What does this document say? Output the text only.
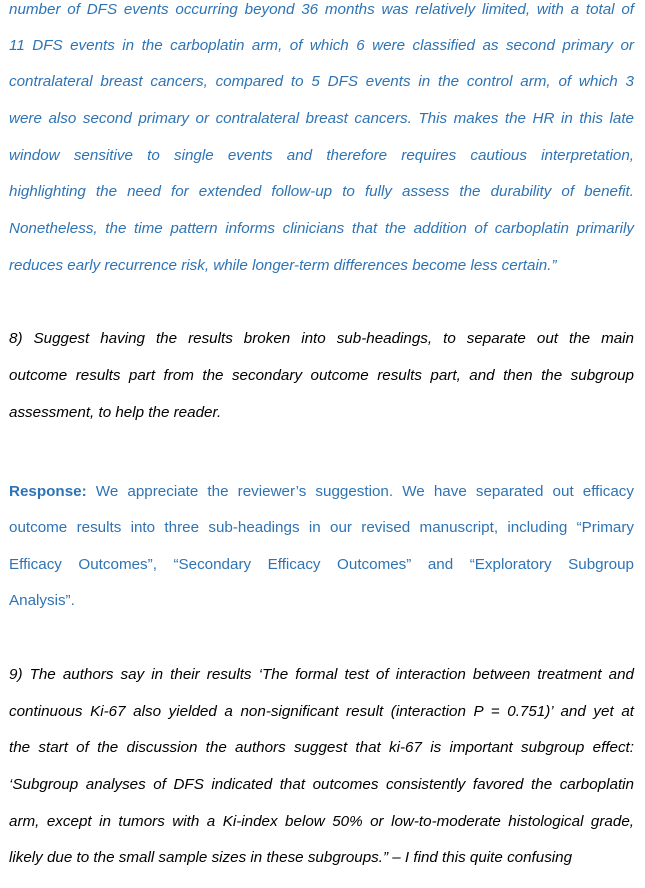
number of DFS events occurring beyond 36 months was relatively limited, with a total of
11 DFS events in the carboplatin arm, of which 6 were classified as second primary or
contralateral breast cancers, compared to 5 DFS events in the control arm, of which 3
were also second primary or contralateral breast cancers. This makes the HR in this late
window sensitive to single events and therefore requires cautious interpretation,
highlighting the need for extended follow-up to fully assess the durability of benefit.
Nonetheless, the time pattern informs clinicians that the addition of carboplatin primarily
reduces early recurrence risk, while longer-term differences become less certain.”
8) Suggest having the results broken into sub-headings, to separate out the main
outcome results part from the secondary outcome results part, and then the subgroup
assessment, to help the reader.
Response: We appreciate the reviewer’s suggestion. We have separated out efficacy
outcome results into three sub-headings in our revised manuscript, including “Primary
Efficacy Outcomes”, “Secondary Efficacy Outcomes” and “Exploratory Subgroup
Analysis”.
9) The authors say in their results ‘The formal test of interaction between treatment and
continuous Ki-67 also yielded a non-significant result (interaction P = 0.751)’ and yet at
the start of the discussion the authors suggest that ki-67 is important subgroup effect:
‘Subgroup analyses of DFS indicated that outcomes consistently favored the carboplatin
arm, except in tumors with a Ki-index below 50% or low-to-moderate histological grade,
likely due to the small sample sizes in these subgroups.” – I find this quite confusing
